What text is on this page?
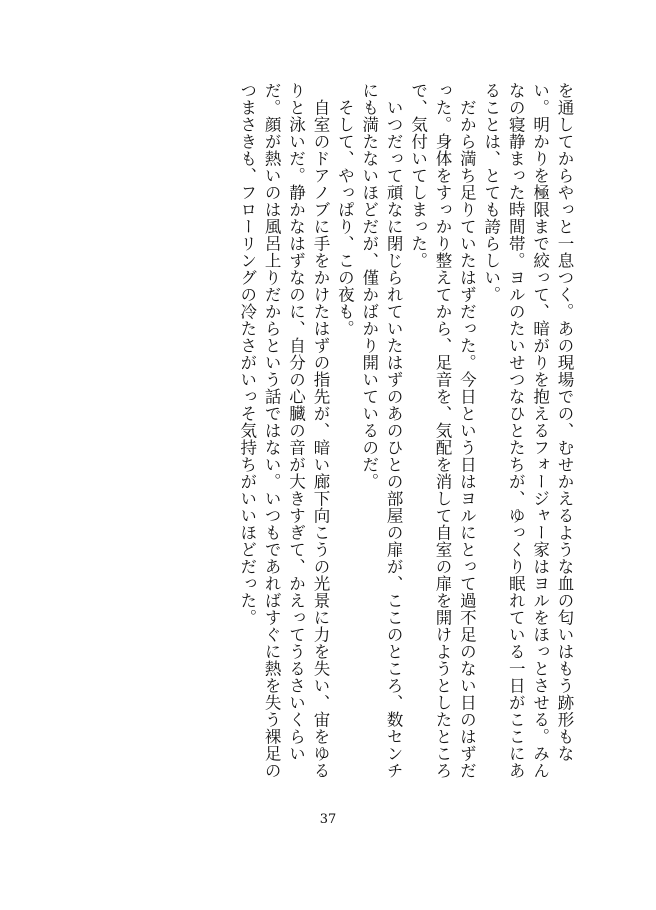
を通してからやっと一息つく。あの現場での、むせかえるような血の匂いはもう跡形もない。明かりを極限まで絞って、暗がりを抱えるフォージャー家はヨルをほっとさせる。みんなの寝静まった時間帯。ヨルのたいせつなひとたちが、ゆっくり眠れている一日がここにあることは、とても誇らしい。

だから満ち足りていたはずだった。今日という日はヨルにとって過不足のない日のはずだった。身体をすっかり整えてから、足音を、気配を消して自室の扉を開けようとしたところで、気付いてしまった。

いつだって頑なに閉じられていたはずのあのひとの部屋の扉が、ここのところ、数センチにも満たないほどだが、僅かばかり開いているのだ。

そして、やっぱり、この夜も。

自室のドアノブに手をかけたはずの指先が、暗い廊下向こうの光景に力を失い、宙をゆるりと泳いだ。静かなはずなのに、自分の心臓の音が大きすぎて、かえってうるさいくらいだ。顔が熱いのは風呂上りだからという話ではない。いつもであればすぐに熱を失う裸足のつまさきも、フローリングの冷たさがいっそ気持ちがいいほどだった。

37
